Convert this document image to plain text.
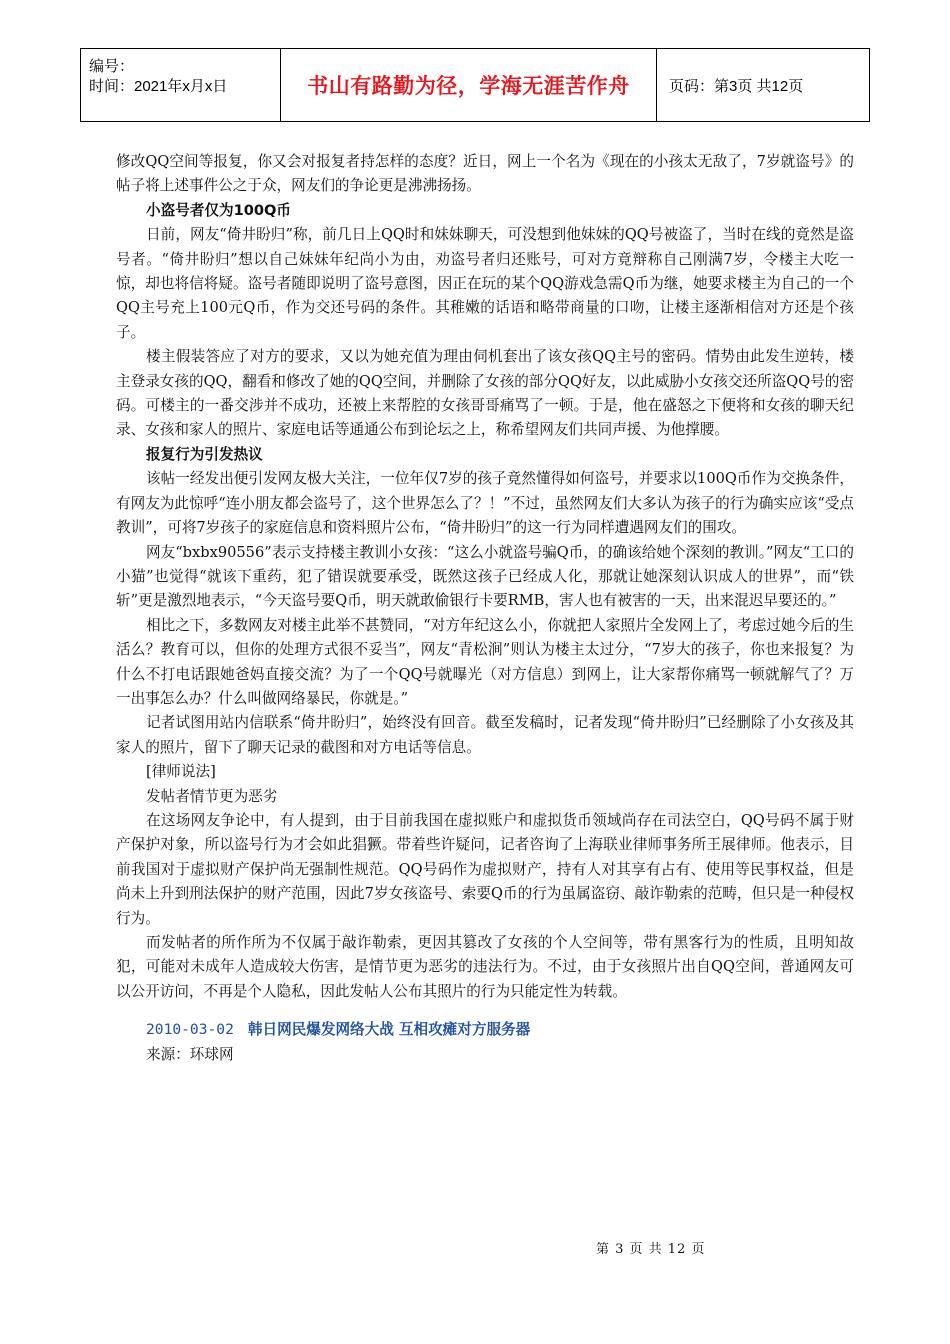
编号：
时间：2021年x月x日	书山有路勤为径，学海无涯苦作舟	页码：第3页 共12页

修改QQ空间等报复，你又会对报复者持怎样的态度？近日，网上一个名为《现在的小孩太无敌了，7岁就盗号》的帖子将上述事件公之于众，网友们的争论更是沸沸扬扬。

小盗号者仅为100Q币

日前，网友“倚井盼归”称，前几日上QQ时和妹妹聊天，可没想到他妹妹的QQ号被盗了，当时在线的竟然是盗号者。“倚井盼归”想以自己妹妹年纪尚小为由，劝盗号者归还账号，可对方竟辩称自己刚满7岁，令楼主大吃一惊，却也将信将疑。盗号者随即说明了盗号意图，因正在玩的某个QQ游戏急需Q币为继，她要求楼主为自己的一个QQ主号充上100元Q币，作为交还号码的条件。其稚嫩的话语和略带商量的口吻，让楼主逐渐相信对方还是个孩子。

楼主假装答应了对方的要求，又以为她充值为理由伺机套出了该女孩QQ主号的密码。情势由此发生逆转，楼主登录女孩的QQ，翻看和修改了她的QQ空间，并删除了女孩的部分QQ好友，以此威胁小女孩交还所盗QQ号的密码。可楼主的一番交涉并不成功，还被上来帮腔的女孩哥哥痛骂了一顿。于是，他在盛怒之下便将和女孩的聊天纪录、女孩和家人的照片、家庭电话等通通公布到论坛之上，称希望网友们共同声援、为他撑腰。

报复行为引发热议

该帖一经发出便引发网友极大关注，一位年仅7岁的孩子竟然懂得如何盗号，并要求以100Q币作为交换条件，有网友为此惊呼“连小朋友都会盗号了，这个世界怎么了？！”不过，虽然网友们大多认为孩子的行为确实应该“受点教训”，可将7岁孩子的家庭信息和资料照片公布，“倚井盼归”的这一行为同样遭遇网友们的围攻。

网友“bxbx90556”表示支持楼主教训小女孩：“这么小就盗号骗Q币，的确该给她个深刻的教训。”网友“工口的小猫”也觉得“就该下重药，犯了错误就要承受，既然这孩子已经成人化，那就让她深刻认识成人的世界”，而“铁斩”更是激烈地表示，“今天盗号要Q币，明天就敢偷银行卡要RMB，害人也有被害的一天，出来混迟早要还的。”

相比之下，多数网友对楼主此举不甚赞同，“对方年纪这么小，你就把人家照片全发网上了，考虑过她今后的生活么？教育可以，但你的处理方式很不妥当”，网友“青松涧”则认为楼主太过分，“7岁大的孩子，你也来报复？为什么不打电话跟她爸妈直接交流？为了一个QQ号就曝光（对方信息）到网上，让大家帮你痛骂一顿就解气了？万一出事怎么办？什么叫做网络暴民，你就是。”

记者试图用站内信联系“倚井盼归”，始终没有回音。截至发稿时，记者发现“倚井盼归”已经删除了小女孩及其家人的照片，留下了聊天记录的截图和对方电话等信息。

[律师说法]

发帖者情节更为恶劣

在这场网友争论中，有人提到，由于目前我国在虚拟账户和虚拟货币领域尚存在司法空白，QQ号码不属于财产保护对象，所以盗号行为才会如此猖獗。带着些许疑问，记者咨询了上海联业律师事务所王展律师。他表示，目前我国对于虚拟财产保护尚无强制性规范。QQ号码作为虚拟财产，持有人对其享有占有、使用等民事权益，但是尚未上升到刑法保护的财产范围，因此7岁女孩盗号、索要Q币的行为虽属盗窃、敲诈勒索的范畴，但只是一种侵权行为。

而发帖者的所作所为不仅属于敲诈勒索，更因其篡改了女孩的个人空间等，带有黑客行为的性质，且明知故犯，可能对未成年人造成较大伤害，是情节更为恶劣的违法行为。不过，由于女孩照片出自QQ空间，普通网友可以公开访问，不再是个人隐私，因此发帖人公布其照片的行为只能定性为转载。

2010-03-02 韩日网民爆发网络大战 互相攻瘫对方服务器

来源：环球网

第 3 页 共 12 页
